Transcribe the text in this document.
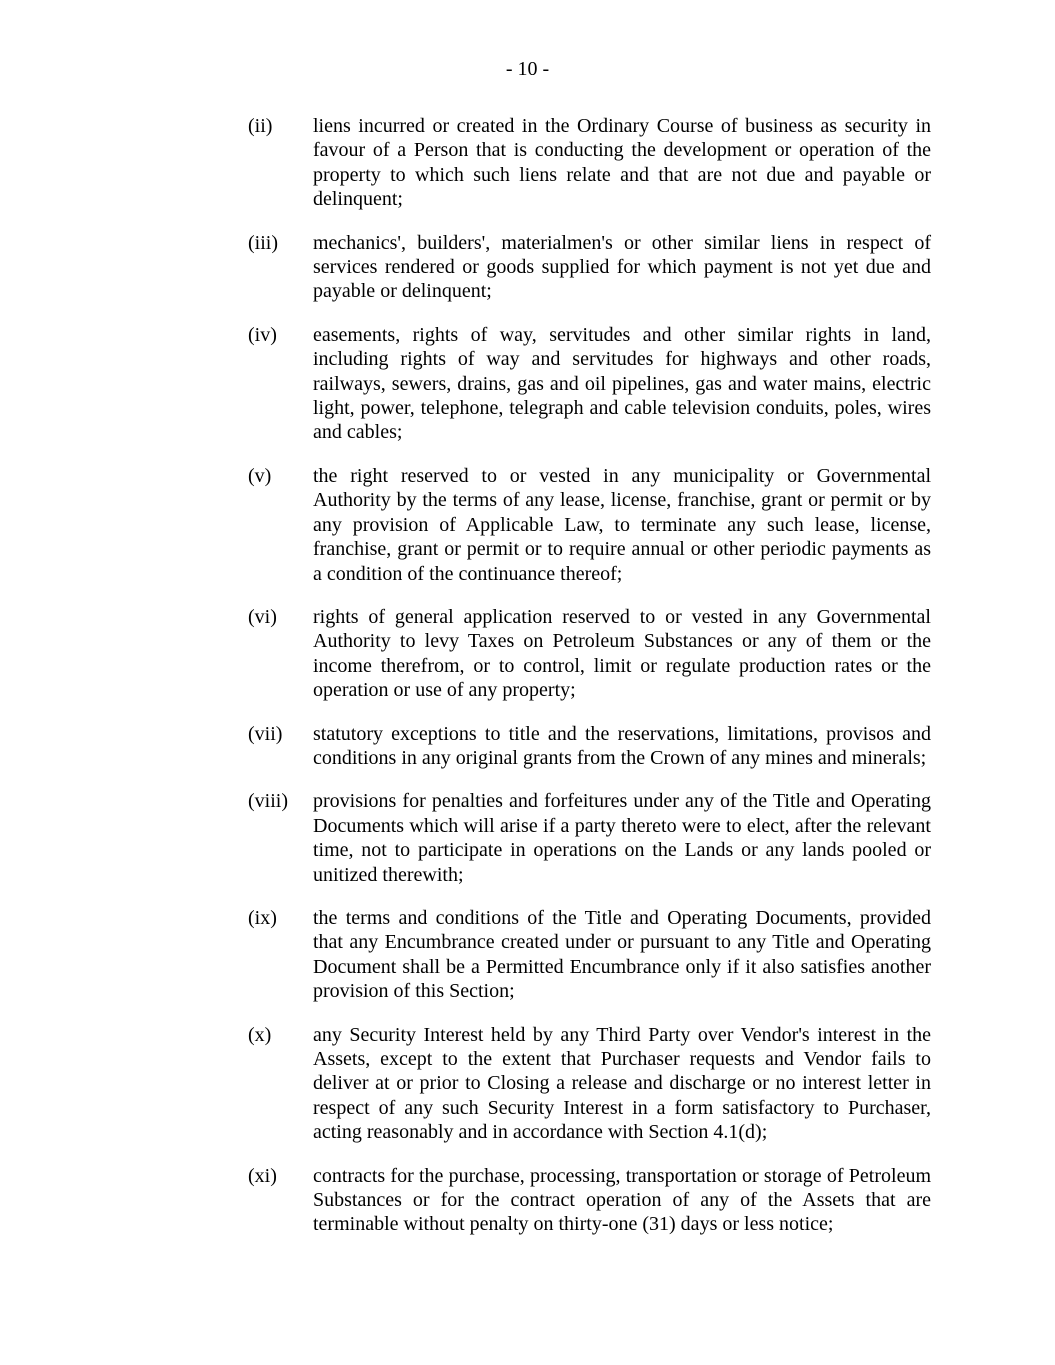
- 10 -
(ii)	liens incurred or created in the Ordinary Course of business as security in favour of a Person that is conducting the development or operation of the property to which such liens relate and that are not due and payable or delinquent;
(iii)	mechanics', builders', materialmen's or other similar liens in respect of services rendered or goods supplied for which payment is not yet due and payable or delinquent;
(iv)	easements, rights of way, servitudes and other similar rights in land, including rights of way and servitudes for highways and other roads, railways, sewers, drains, gas and oil pipelines, gas and water mains, electric light, power, telephone, telegraph and cable television conduits, poles, wires and cables;
(v)	the right reserved to or vested in any municipality or Governmental Authority by the terms of any lease, license, franchise, grant or permit or by any provision of Applicable Law, to terminate any such lease, license, franchise, grant or permit or to require annual or other periodic payments as a condition of the continuance thereof;
(vi)	rights of general application reserved to or vested in any Governmental Authority to levy Taxes on Petroleum Substances or any of them or the income therefrom, or to control, limit or regulate production rates or the operation or use of any property;
(vii)	statutory exceptions to title and the reservations, limitations, provisos and conditions in any original grants from the Crown of any mines and minerals;
(viii)	provisions for penalties and forfeitures under any of the Title and Operating Documents which will arise if a party thereto were to elect, after the relevant time, not to participate in operations on the Lands or any lands pooled or unitized therewith;
(ix)	the terms and conditions of the Title and Operating Documents, provided that any Encumbrance created under or pursuant to any Title and Operating Document shall be a Permitted Encumbrance only if it also satisfies another provision of this Section;
(x)	any Security Interest held by any Third Party over Vendor's interest in the Assets, except to the extent that Purchaser requests and Vendor fails to deliver at or prior to Closing a release and discharge or no interest letter in respect of any such Security Interest in a form satisfactory to Purchaser, acting reasonably and in accordance with Section 4.1(d);
(xi)	contracts for the purchase, processing, transportation or storage of Petroleum Substances or for the contract operation of any of the Assets that are terminable without penalty on thirty-one (31) days or less notice;
